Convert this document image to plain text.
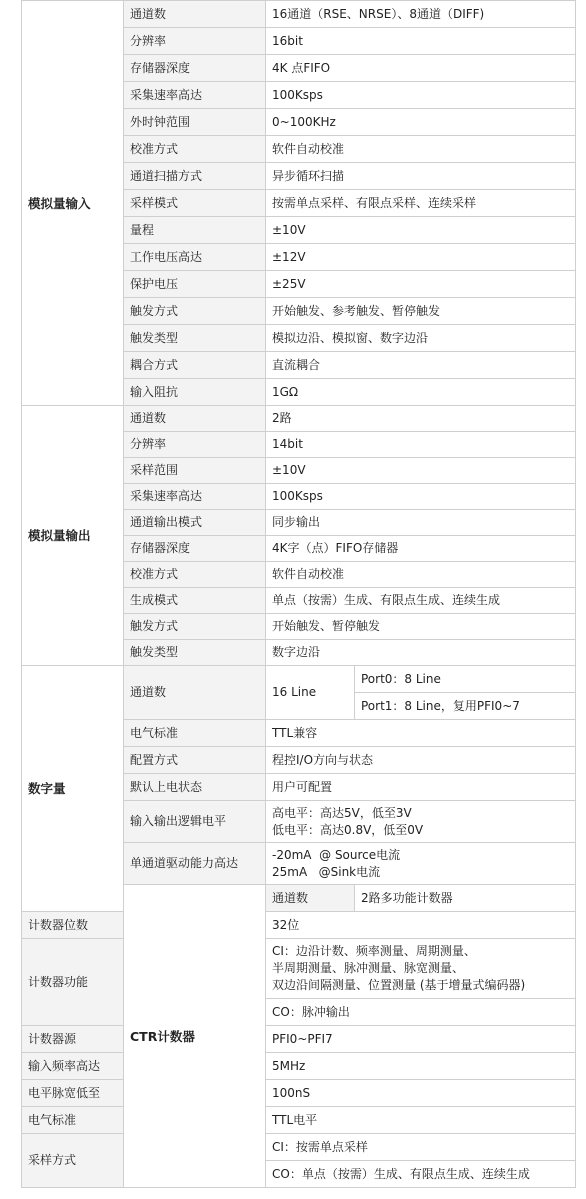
模拟量输入	通道数	16通道（RSE、NRSE）、8通道（DIFF)	
	分辨率	16bit	
	存储器深度	4K 点FIFO	
	采集速率高达	100Ksps	
	外时钟范围	0~100KHz	
	校准方式	软件自动校准	
	通道扫描方式	异步循环扫描	
	采样模式	按需单点采样、有限点采样、连续采样	
	量程	±10V	
	工作电压高达	±12V	
	保护电压	±25V	
	触发方式	开始触发、参考触发、暂停触发	
	触发类型	模拟边沿、模拟窗、数字边沿	
	耦合方式	直流耦合	
	输入阻抗	1GΩ	
模拟量输出	通道数	2路	
	分辨率	14bit	
	采样范围	±10V	
	采集速率高达	100Ksps	
	通道输出模式	同步输出	
	存储器深度	4K字（点）FIFO存储器	
	校准方式	软件自动校准	
	生成模式	单点（按需）生成、有限点生成、连续生成	
	触发方式	开始触发、暂停触发	
	触发类型	数字边沿	
数字量	通道数	16 Line	Port0：8 Line
			Port1：8 Line，复用PFI0~7
	电气标准	TTL兼容	
	配置方式	程控I/O方向与状态	
	默认上电状态	用户可配置	
	输入输出逻辑电平	高电平：高达5V，低至3V
低电平：高达0.8V，低至0V	

	单通道驱动能力高达	-20mA  @ Source电流
25mA   @Sink电流	

	CTR计数器	通道数	2路多功能计数器
计数器位数		32位	
计数器功能		CI：边沿计数、频率测量、周期测量、
半周期测量、脉冲测量、脉宽测量、
双边沿间隔测量、位置测量 (基于增量式编码器)	

		CO：脉冲输出	
计数器源		PFI0~PFI7	
输入频率高达		5MHz	
电平脉宽低至		100nS	
电气标准		TTL电平	
采样方式		CI：按需单点采样	
		CO：单点（按需）生成、有限点生成、连续生成	
